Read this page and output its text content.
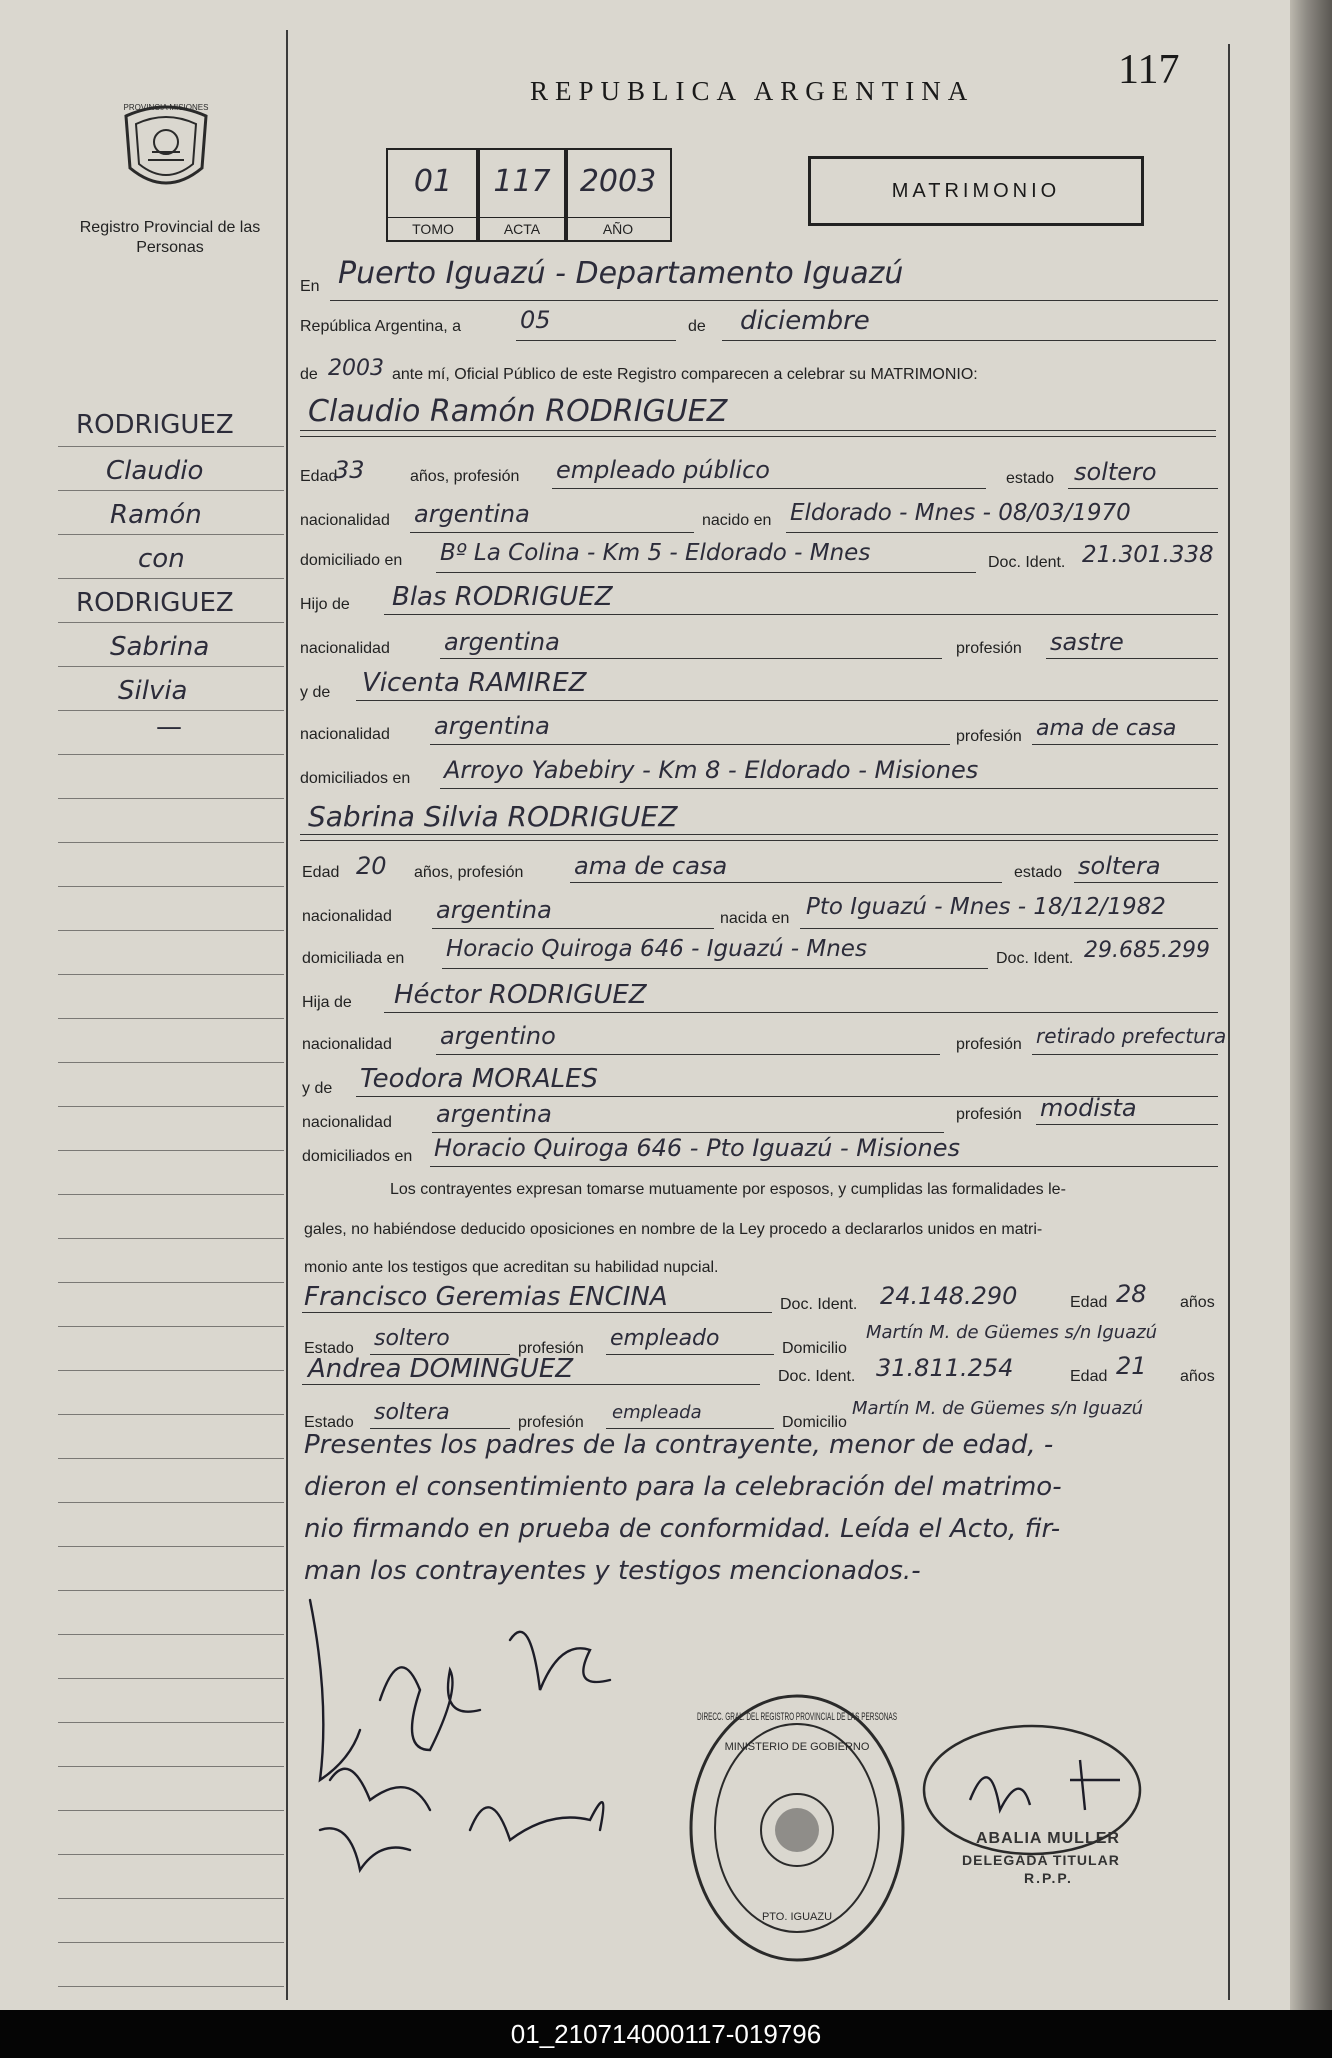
PROVINCIA MISIONES
Registro Provincial de las Personas
REPUBLICA ARGENTINA	117
01
TOMO
117
ACTA
2003
AÑO
MATRIMONIO
RODRIGUEZ
Claudio
Ramón
con
RODRIGUEZ
Sabrina
Silvia
—
En Puerto Iguazú - Departamento Iguazú
República Argentina, a 05	de diciembre
de 2003 ante mí, Oficial Público de este Registro comparecen a celebrar su MATRIMONIO:
Claudio Ramón RODRIGUEZ
Edad
33	años, profesión empleado público	estado soltero
nacionalidad argentina	nacido en Eldorado - Mnes - 08/03/1970
domiciliado en Bº La Colina - Km 5 - Eldorado - Mnes	Doc. Ident. 21.301.338
Hijo de Blas RODRIGUEZ
nacionalidad argentina	profesión sastre
y de Vicenta RAMIREZ
nacionalidad argentina	profesión ama de casa
domiciliados en Arroyo Yabebiry - Km 8 - Eldorado - Misiones
Sabrina Silvia RODRIGUEZ
Edad 20 años, profesión ama de casa	estado soltera
nacionalidad argentina	nacida en Pto Iguazú - Mnes - 18/12/1982
domiciliada en Horacio Quiroga 646 - Iguazú - Mnes	Doc. Ident. 29.685.299
Hija de Héctor RODRIGUEZ
nacionalidad argentino	profesión retirado prefectura
y de Teodora MORALES
nacionalidad argentina	profesión modista
domiciliados en Horacio Quiroga 646 - Pto Iguazú - Misiones
Los contrayentes expresan tomarse mutuamente por esposos, y cumplidas las formalidades le-
gales, no habiéndose deducido oposiciones en nombre de la Ley procedo a declararlos unidos en matri-
monio ante los testigos que acreditan su habilidad nupcial.
Francisco Geremias ENCINA	Doc. Ident. 24.148.290	Edad 28 años
Estado soltero	profesión empleado	Domicilio
Martín M. de Güemes s/n Iguazú
Andrea DOMINGUEZ	Doc. Ident. 31.811.254	Edad 21 años
Estado soltera	profesión empleada	Domicilio
Martín M. de Güemes s/n Iguazú
Presentes los padres de la contrayente, menor de edad, -
dieron el consentimiento para la celebración del matrimo-
nio firmando en prueba de conformidad. Leída el Acto, fir-
man los contrayentes y testigos mencionados.-
DIRECC. GRAL. DEL REGISTRO PROVINCIAL DE LAS PERSONAS
MINISTERIO DE GOBIERNO
PTO. IGUAZU
ABALIA MULLER
DELEGADA TITULAR
R.P.P.
01_210714000117-019796
